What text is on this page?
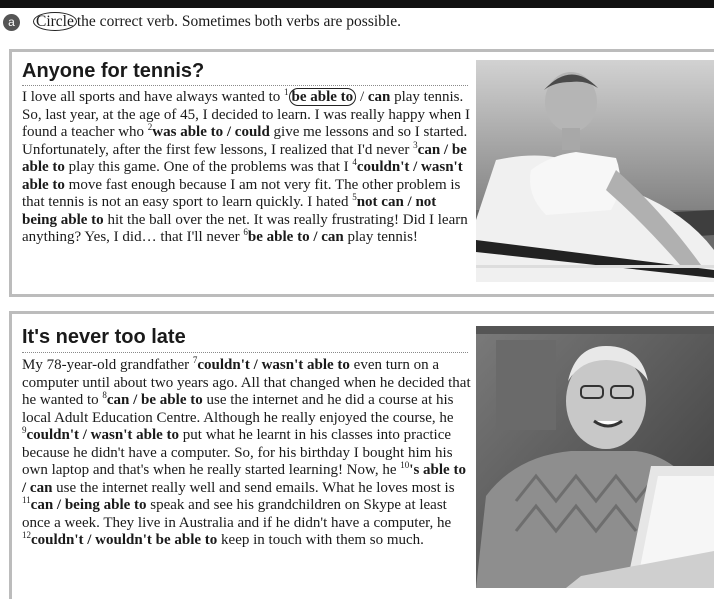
a	Circle the correct verb. Sometimes both verbs are possible.
Anyone for tennis?
I love all sports and have always wanted to $^1$ be able to / can play tennis. So, last year, at the age of 45, I decided to learn. I was really happy when I found a teacher who $^2$was able to / could give me lessons and so I started. Unfortunately, after the first few lessons, I realized that I'd never $^3$can / be able to play this game. One of the problems was that I $^4$couldn't / wasn't able to move fast enough because I am not very fit. The other problem is that tennis is not an easy sport to learn quickly. I hated $^5$not can / not being able to hit the ball over the net. It was really frustrating! Did I learn anything? Yes, I did… that I'll never $^6$be able to / can play tennis!
It's never too late
My 78-year-old grandfather $^7$couldn't / wasn't able to even turn on a computer until about two years ago. All that changed when he decided that he wanted to $^8$can / be able to use the internet and he did a course at his local Adult Education Centre. Although he really enjoyed the course, he $^9$couldn't / wasn't able to put what he learnt in his classes into practice because he didn't have a computer. So, for his birthday I bought him his own laptop and that's when he really started learning! Now, he $^{10}$'s able to / can use the internet really well and send emails. What he loves most is $^{11}$can / being able to speak and see his grandchildren on Skype at least once a week. They live in Australia and if he didn't have a computer, he $^{12}$couldn't / wouldn't be able to keep in touch with them so much.
